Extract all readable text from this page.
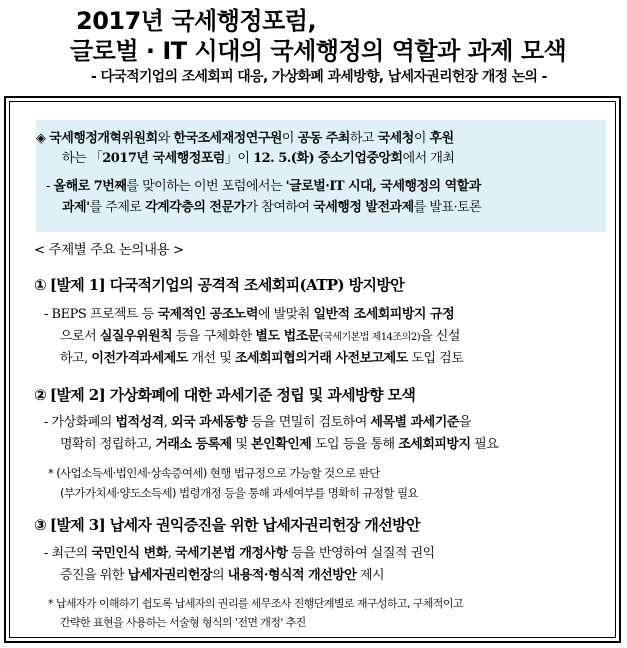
2017년 국세행정포럼,
글로벌 · IT 시대의 국세행정의 역할과 과제 모색
- 다국적기업의 조세회피 대응, 가상화폐 과세방향, 납세자권리헌장 개정 논의 -
◈ 국세행정개혁위원회와 한국조세재정연구원이 공동 주최하고 국세청이 후원
하는 「2017년 국세행정포럼」이 12. 5.(화) 중소기업중앙회에서 개최
- 올해로 7번째를 맞이하는 이번 포럼에서는 '글로벌·IT 시대, 국세행정의 역할과
과제'를 주제로 각계각층의 전문가가 참여하여 국세행정 발전과제를 발표·토론
< 주제별 주요 논의내용 >
① [발제 1] 다국적기업의 공격적 조세회피(ATP) 방지방안
- BEPS 프로젝트 등 국제적인 공조노력에 발맞춰 일반적 조세회피방지 규정
으로서 실질우위원칙 등을 구체화한 별도 법조문(국세기본법 제14조의2)을 신설
하고, 이전가격과세제도 개선 및 조세회피협의거래 사전보고제도 도입 검토
② [발제 2] 가상화폐에 대한 과세기준 정립 및 과세방향 모색
- 가상화폐의 법적성격, 외국 과세동향 등을 면밀히 검토하여 세목별 과세기준을
명확히 정립하고, 거래소 등록제 및 본인확인제 도입 등을 통해 조세회피방지 필요
* (사업소득세·법인세·상속증여세) 현행 법규정으로 가능할 것으로 판단
(부가가치세·양도소득세) 법령개정 등을 통해 과세여부를 명확히 규정할 필요
③ [발제 3] 납세자 권익증진을 위한 납세자권리헌장 개선방안
- 최근의 국민인식 변화, 국세기본법 개정사항 등을 반영하여 실질적 권익
증진을 위한 납세자권리헌장의 내용적·형식적 개선방안 제시
* 납세자가 이해하기 쉽도록 납세자의 권리를 세무조사 진행단계별로 재구성하고, 구체적이고
간략한 표현을 사용하는 서술형 형식의 '전면 개정' 추진
